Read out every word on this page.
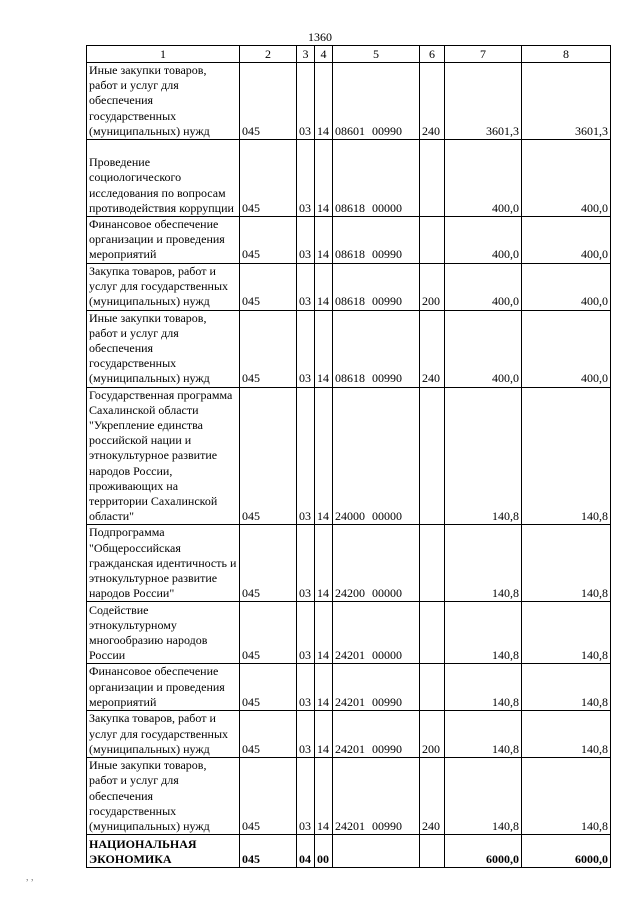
1360
1	2	3	4	5	6	7	8
Иные закупки товаров, работ и услуг для обеспечения государственных (муниципальных) нужд	045	03	14	08601 00990	240	3601,3	3601,3
Проведение социологического исследования по вопросам противодействия коррупции	045	03	14	08618 00000		400,0	400,0
Финансовое обеспечение организации и проведения мероприятий	045	03	14	08618 00990		400,0	400,0
Закупка товаров, работ и услуг для государственных (муниципальных) нужд	045	03	14	08618 00990	200	400,0	400,0
Иные закупки товаров, работ и услуг для обеспечения государственных (муниципальных) нужд	045	03	14	08618 00990	240	400,0	400,0
Государственная программа Сахалинской области "Укрепление единства российской нации и этнокультурное развитие народов России, проживающих на территории Сахалинской области"	045	03	14	24000 00000		140,8	140,8
Подпрограмма "Общероссийская гражданская идентичность и этнокультурное развитие народов России"	045	03	14	24200 00000		140,8	140,8
Содействие этнокультурному многообразию народов России	045	03	14	24201 00000		140,8	140,8
Финансовое обеспечение организации и проведения мероприятий	045	03	14	24201 00990		140,8	140,8
Закупка товаров, работ и услуг для государственных (муниципальных) нужд	045	03	14	24201 00990	200	140,8	140,8
Иные закупки товаров, работ и услуг для обеспечения государственных (муниципальных) нужд	045	03	14	24201 00990	240	140,8	140,8
НАЦИОНАЛЬНАЯ ЭКОНОМИКА	045	04	00			6000,0	6000,0
, ,
